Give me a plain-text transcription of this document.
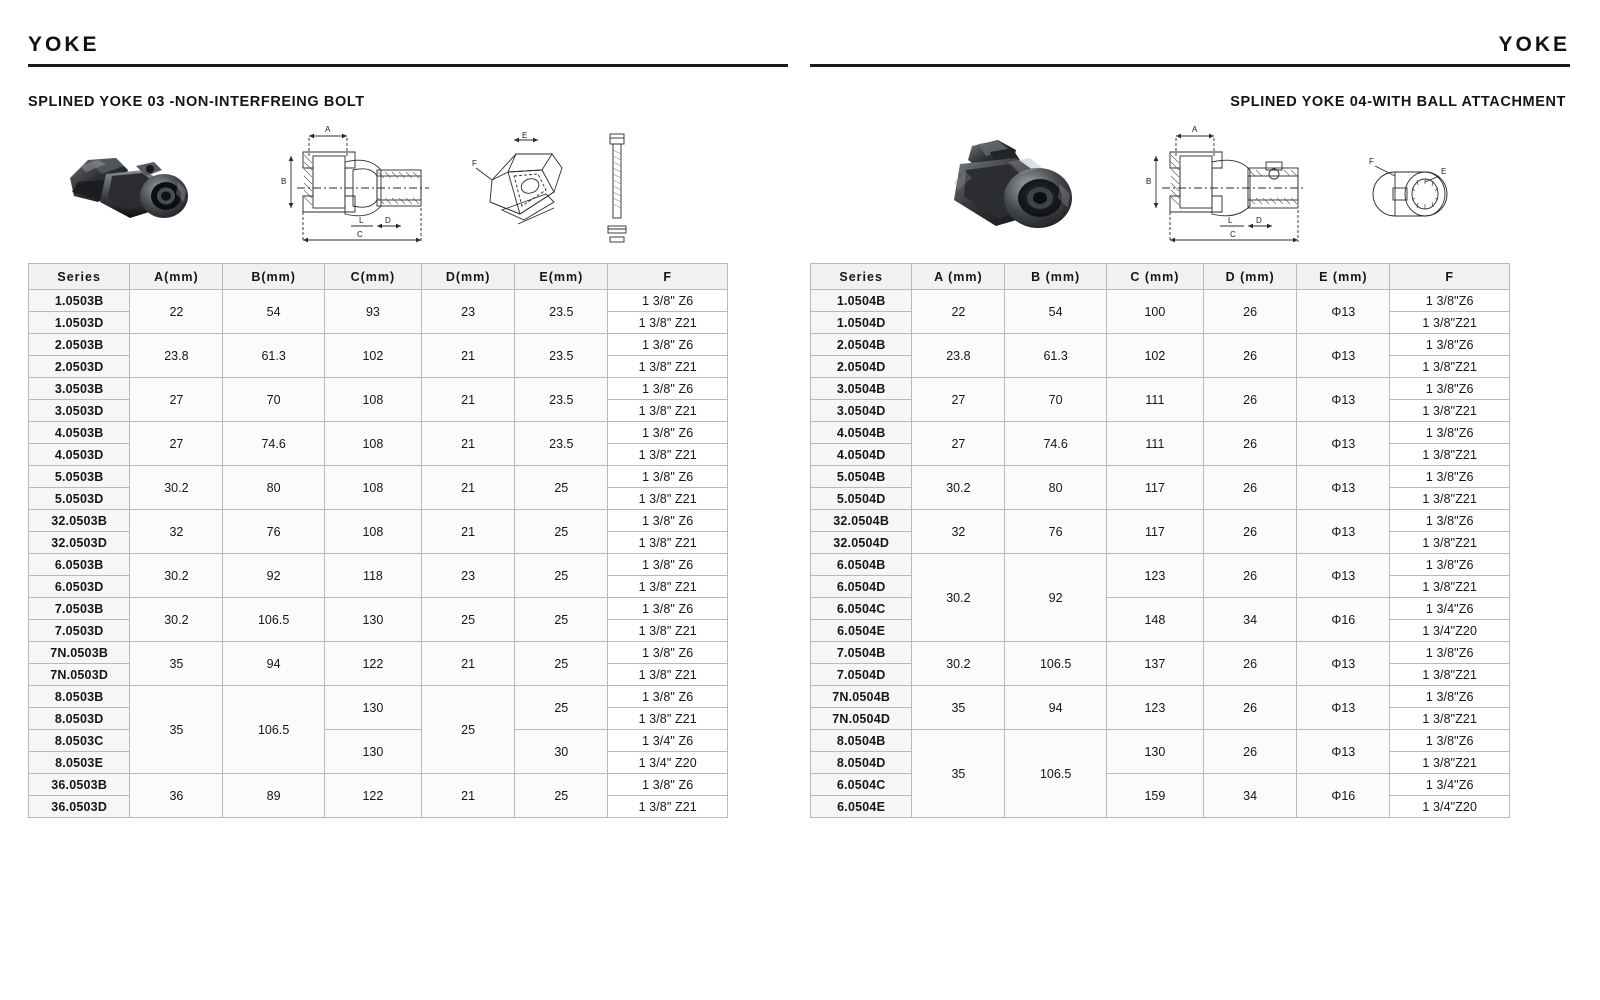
YOKE
SPLINED YOKE 03 -NON-INTERFREING BOLT
A
B
D
L
C
E
F
Series	A(mm)	B(mm)	C(mm)	D(mm)	E(mm)	F
1.0503B	22	54	93	23	23.5	1 3/8" Z6
1.0503D						1 3/8" Z21
2.0503B	23.8	61.3	102	21	23.5	1 3/8" Z6
2.0503D						1 3/8" Z21
3.0503B	27	70	108	21	23.5	1 3/8" Z6
3.0503D						1 3/8" Z21
4.0503B	27	74.6	108	21	23.5	1 3/8" Z6
4.0503D						1 3/8" Z21
5.0503B	30.2	80	108	21	25	1 3/8" Z6
5.0503D						1 3/8" Z21
32.0503B	32	76	108	21	25	1 3/8" Z6
32.0503D						1 3/8" Z21
6.0503B	30.2	92	118	23	25	1 3/8" Z6
6.0503D						1 3/8" Z21
7.0503B	30.2	106.5	130	25	25	1 3/8" Z6
7.0503D						1 3/8" Z21
7N.0503B	35	94	122	21	25	1 3/8" Z6
7N.0503D						1 3/8" Z21
8.0503B	35	106.5	130	25	25	1 3/8" Z6
8.0503D						1 3/8" Z21
8.0503C			130		30	1 3/4" Z6
8.0503E						1 3/4" Z20
36.0503B	36	89	122	21	25	1 3/8" Z6
36.0503D						1 3/8" Z21
YOKE
SPLINED YOKE 04-WITH BALL ATTACHMENT
A
B
D
L
C
F
E
Series	A (mm)	B (mm)	C (mm)	D (mm)	E (mm)	F
1.0504B	22	54	100	26	Φ13	1 3/8"Z6
1.0504D						1 3/8"Z21
2.0504B	23.8	61.3	102	26	Φ13	1 3/8"Z6
2.0504D						1 3/8"Z21
3.0504B	27	70	111	26	Φ13	1 3/8"Z6
3.0504D						1 3/8"Z21
4.0504B	27	74.6	111	26	Φ13	1 3/8"Z6
4.0504D						1 3/8"Z21
5.0504B	30.2	80	117	26	Φ13	1 3/8"Z6
5.0504D						1 3/8"Z21
32.0504B	32	76	117	26	Φ13	1 3/8"Z6
32.0504D						1 3/8"Z21
6.0504B	30.2	92	123	26	Φ13	1 3/8"Z6
6.0504D						1 3/8"Z21
6.0504C			148	34	Φ16	1 3/4"Z6
6.0504E						1 3/4"Z20
7.0504B	30.2	106.5	137	26	Φ13	1 3/8"Z6
7.0504D						1 3/8"Z21
7N.0504B	35	94	123	26	Φ13	1 3/8"Z6
7N.0504D						1 3/8"Z21
8.0504B	35	106.5	130	26	Φ13	1 3/8"Z6
8.0504D						1 3/8"Z21
6.0504C			159	34	Φ16	1 3/4"Z6
6.0504E						1 3/4"Z20
